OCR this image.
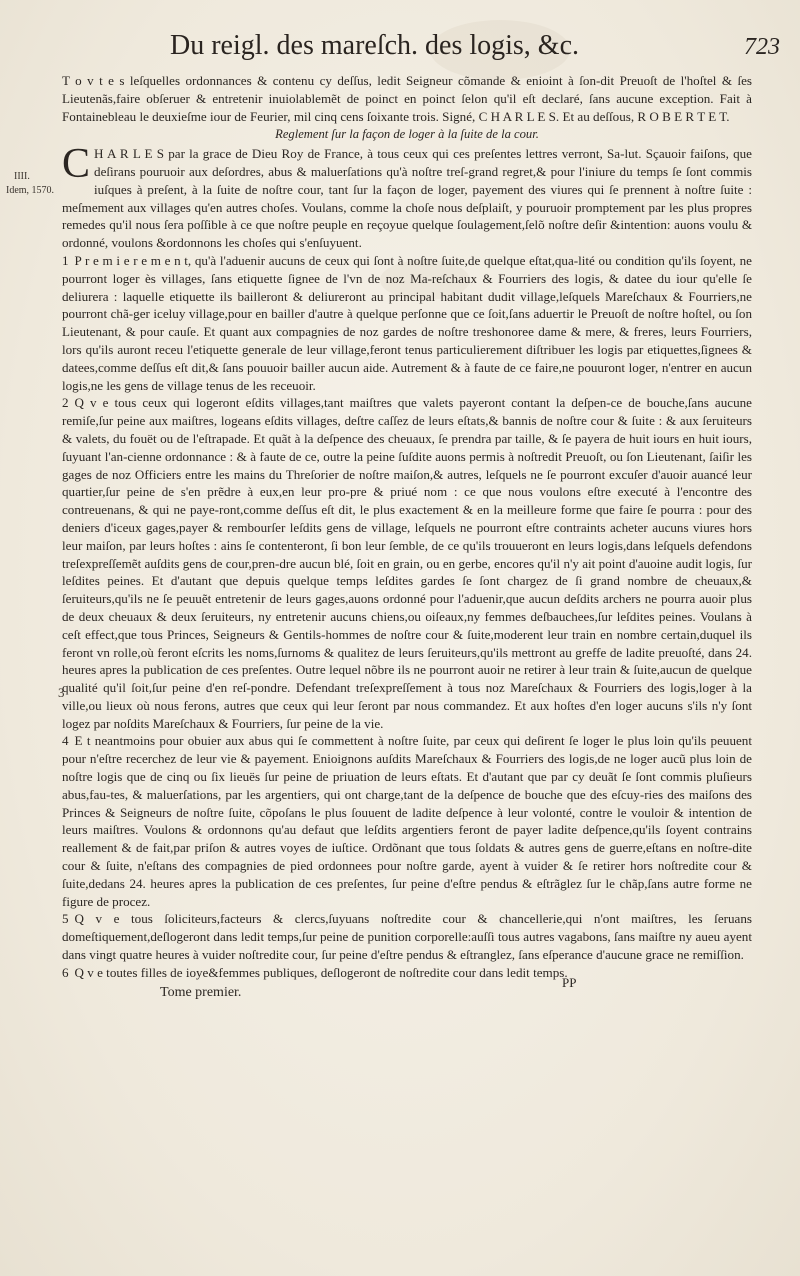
Du reigl. des mareſch. des logis, &c.	723
IIII.
Idem, 1570.
3

T o v t e s leſquelles ordonnances & contenu cy deſſus, ledit Seigneur cõmande & enioint à ſon-dit Preuoſt de l'hoſtel & ſes Lieutenãs,faire obſeruer & entretenir inuiolablemẽt de poinct en poinct ſelon qu'il eſt declaré, ſans aucune exception. Fait à Fontainebleau le deuxieſme iour de Feurier, mil cinq cens ſoixante trois. Signé, C H A R L E S. Et au deſſous, R O B E R T E T.

Reglement ſur la façon de loger à la ſuite de la cour.

C H A R L E S par la grace de Dieu Roy de France, à tous ceux qui ces preſentes lettres verront, Sa-lut. Sçauoir faiſons, que deſirans pouruoir aux deſordres, abus & maluerſations qu'à noſtre treſ-grand regret,& pour l'iniure du temps ſe ſont commis iuſques à preſent, à la ſuite de noſtre cour, tant ſur la façon de loger, payement des viures qui ſe prennent à noſtre ſuite : meſmement aux villages qu'en autres choſes. Voulans, comme la choſe nous deſplaiſt, y pouruoir promptement par les plus propres remedes qu'il nous ſera poſſible à ce que noſtre peuple en reçoyue quelque ſoulagement,ſelõ noſtre deſir &intention: auons voulu & ordonné, voulons &ordonnons les choſes qui s'enſuyuent.

1 P r e m i e r e m e n t, qu'à l'aduenir aucuns de ceux qui ſont à noſtre ſuite,de quelque eſtat,qua-lité ou condition qu'ils ſoyent, ne pourront loger ès villages, ſans etiquette ſignee de l'vn de noz Ma-reſchaux & Fourriers des logis, & datee du iour qu'elle ſe deliurera : laquelle etiquette ils bailleront & deliureront au principal habitant dudit village,leſquels Mareſchaux & Fourriers,ne pourront chã-ger iceluy village,pour en bailler d'autre à quelque perſonne que ce ſoit,ſans aduertir le Preuoſt de noſtre hoſtel, ou ſon Lieutenant, & pour cauſe. Et quant aux compagnies de noz gardes de noſtre treshonoree dame & mere, & freres, leurs Fourriers, lors qu'ils auront receu l'etiquette generale de leur village,feront tenus particulierement diſtribuer les logis par etiquettes,ſignees & datees,comme deſſus eſt dit,& ſans pouuoir bailler aucun aide. Autrement & à faute de ce faire,ne pouuront loger, n'entrer en aucun logis,ne les gens de village tenus de les receuoir.

2 Q v e tous ceux qui logeront eſdits villages,tant maiſtres que valets payeront contant la deſpen-ce de bouche,ſans aucune remiſe,ſur peine aux maiſtres, logeans eſdits villages, deſtre caſſez de leurs eſtats,& bannis de noſtre cour & ſuite : & aux ſeruiteurs & valets, du fouët ou de l'eſtrapade. Et quãt à la deſpence des cheuaux, ſe prendra par taille, & ſe payera de huit iours en huit iours, ſuyuant l'an-cienne ordonnance : & à faute de ce, outre la peine ſuſdite auons permis à noſtredit Preuoſt, ou ſon Lieutenant, ſaiſir les gages de noz Officiers entre les mains du Threſorier de noſtre maiſon,& autres, leſquels ne ſe pourront excuſer d'auoir auancé leur quartier,ſur peine de s'en prẽdre à eux,en leur pro-pre & priué nom : ce que nous voulons eſtre executé à l'encontre des contreuenans, & qui ne paye-ront,comme deſſus eſt dit, le plus exactement & en la meilleure forme que faire ſe pourra : pour des deniers d'iceux gages,payer & rembourſer leſdits gens de village, leſquels ne pourront eſtre contraints acheter aucuns viures hors leur maiſon, par leurs hoſtes : ains ſe contenteront, ſi bon leur ſemble, de ce qu'ils trouueront en leurs logis,dans leſquels defendons treſexpreſſemẽt auſdits gens de cour,pren-dre aucun blé, ſoit en grain, ou en gerbe, encores qu'il n'y ait point d'auoine audit logis, ſur leſdites peines. Et d'autant que depuis quelque temps leſdites gardes ſe ſont chargez de ſi grand nombre de cheuaux,& ſeruiteurs,qu'ils ne ſe peuuẽt entretenir de leurs gages,auons ordonné pour l'aduenir,que aucun deſdits archers ne pourra auoir plus de deux cheuaux & deux ſeruiteurs, ny entretenir aucuns chiens,ou oiſeaux,ny femmes deſbauchees,ſur leſdites peines. Voulans à ceſt effect,que tous Princes, Seigneurs & Gentils-hommes de noſtre cour & ſuite,moderent leur train en nombre certain,duquel ils feront vn rolle,où feront eſcrits les noms,ſurnoms & qualitez de leurs ſeruiteurs,qu'ils mettront au greffe de ladite preuoſté, dans 24. heures apres la publication de ces preſentes. Outre lequel nõbre ils ne pourront auoir ne retirer à leur train & ſuite,aucun de quelque qualité qu'il ſoit,ſur peine d'en reſ-pondre. Defendant treſexpreſſement à tous noz Mareſchaux & Fourriers des logis,loger à la ville,ou lieux où nous ferons, autres que ceux qui leur ſeront par nous commandez. Et aux hoſtes d'en loger aucuns s'ils n'y ſont logez par noſdits Mareſchaux & Fourriers, ſur peine de la vie.

4 E t neantmoins pour obuier aux abus qui ſe commettent à noſtre ſuite, par ceux qui deſirent ſe loger le plus loin qu'ils peuuent pour n'eſtre recerchez de leur vie & payement. Enioignons auſdits Mareſchaux & Fourriers des logis,de ne loger aucũ plus loin de noſtre logis que de cinq ou ſix lieuës ſur peine de priuation de leurs eſtats. Et d'autant que par cy deuãt ſe ſont commis pluſieurs abus,fau-tes, & maluerſations, par les argentiers, qui ont charge,tant de la deſpence de bouche que des eſcuy-ries des maiſons des Princes & Seigneurs de noſtre ſuite, cõpoſans le plus ſouuent de ladite deſpence à leur volonté, contre le vouloir & intention de leurs maiſtres. Voulons & ordonnons qu'au defaut que leſdits argentiers feront de payer ladite deſpence,qu'ils ſoyent contrains reallement & de fait,par priſon & autres voyes de iuſtice. Ordõnant que tous ſoldats & autres gens de guerre,eſtans en noſtre-dite cour & ſuite, n'eſtans des compagnies de pied ordonnees pour noſtre garde, ayent à vuider & ſe retirer hors noſtredite cour & ſuite,dedans 24. heures apres la publication de ces preſentes, ſur peine d'eſtre pendus & eſtrãglez ſur le chãp,ſans autre forme ne figure de procez.

5 Q v e tous ſoliciteurs,facteurs & clercs,ſuyuans noſtredite cour & chancellerie,qui n'ont maiſtres, les ſeruans domeſtiquement,deſlogeront dans ledit temps,ſur peine de punition corporelle:auſſi tous autres vagabons, ſans maiſtre ny aueu ayent dans vingt quatre heures à vuider noſtredite cour, ſur peine d'eſtre pendus & eſtranglez, ſans eſperance d'aucune grace ne remiſſion.

6 Q v e toutes filles de ioye&femmes publiques, deſlogeront de noſtredite cour dans ledit temps.

Tome premier.
PP
